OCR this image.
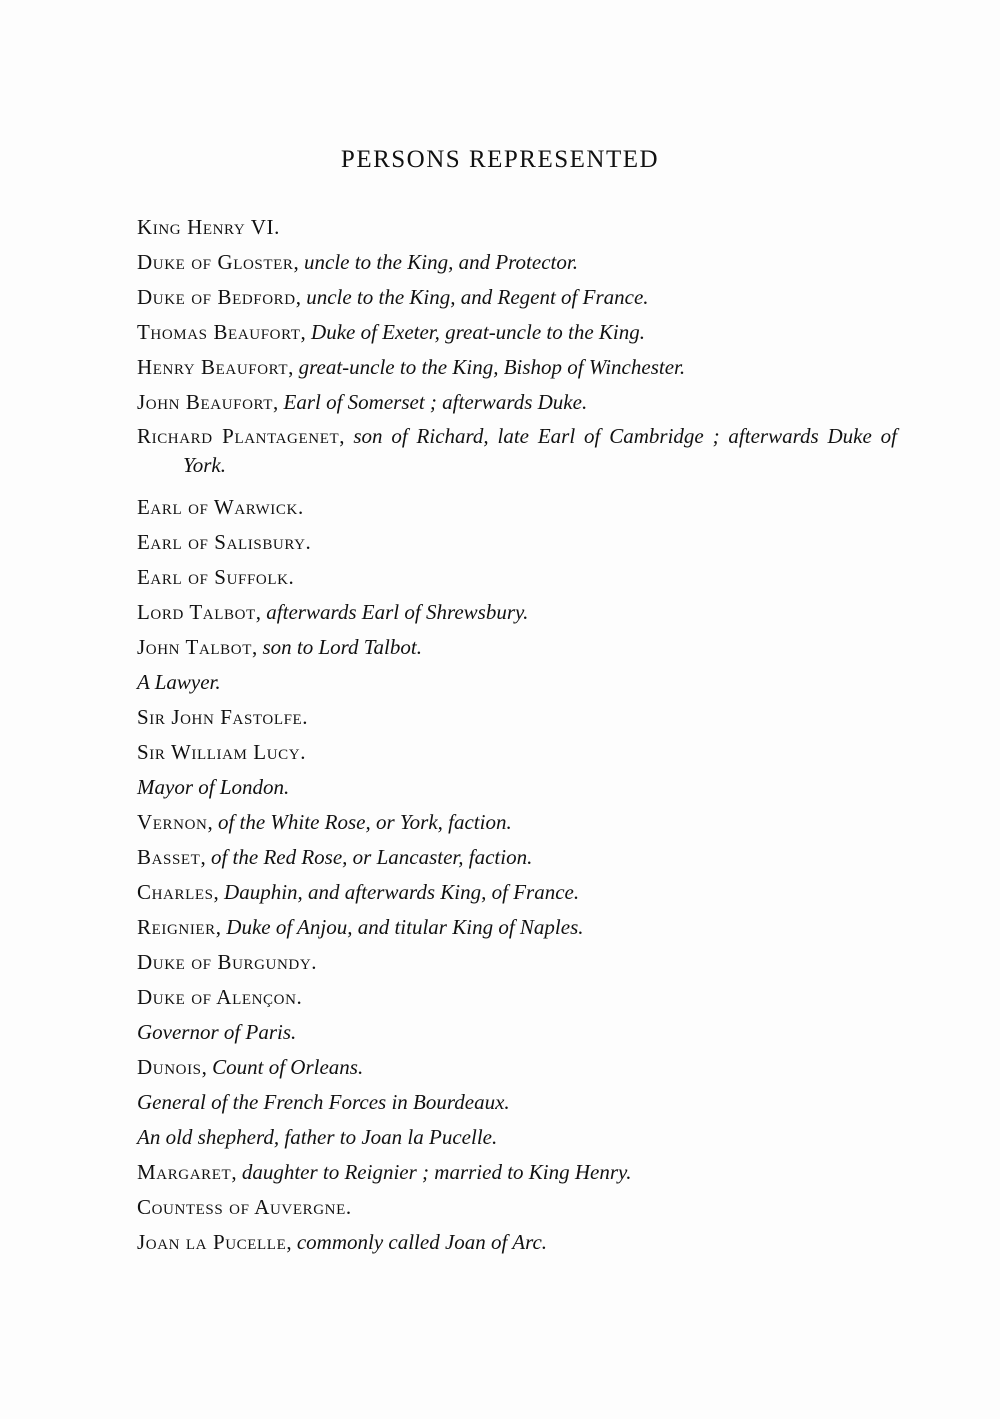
PERSONS REPRESENTED
King Henry VI.
Duke of Gloster, uncle to the King, and Protector.
Duke of Bedford, uncle to the King, and Regent of France.
Thomas Beaufort, Duke of Exeter, great-uncle to the King.
Henry Beaufort, great-uncle to the King, Bishop of Winchester.
John Beaufort, Earl of Somerset ; afterwards Duke.
Richard Plantagenet, son of Richard, late Earl of Cambridge ; afterwards Duke of York.
Earl of Warwick.
Earl of Salisbury.
Earl of Suffolk.
Lord Talbot, afterwards Earl of Shrewsbury.
John Talbot, son to Lord Talbot.
A Lawyer.
Sir John Fastolfe.
Sir William Lucy.
Mayor of London.
Vernon, of the White Rose, or York, faction.
Basset, of the Red Rose, or Lancaster, faction.
Charles, Dauphin, and afterwards King, of France.
Reignier, Duke of Anjou, and titular King of Naples.
Duke of Burgundy.
Duke of Alençon.
Governor of Paris.
Dunois, Count of Orleans.
General of the French Forces in Bourdeaux.
An old shepherd, father to Joan la Pucelle.
Margaret, daughter to Reignier ; married to King Henry.
Countess of Auvergne.
Joan la Pucelle, commonly called Joan of Arc.
